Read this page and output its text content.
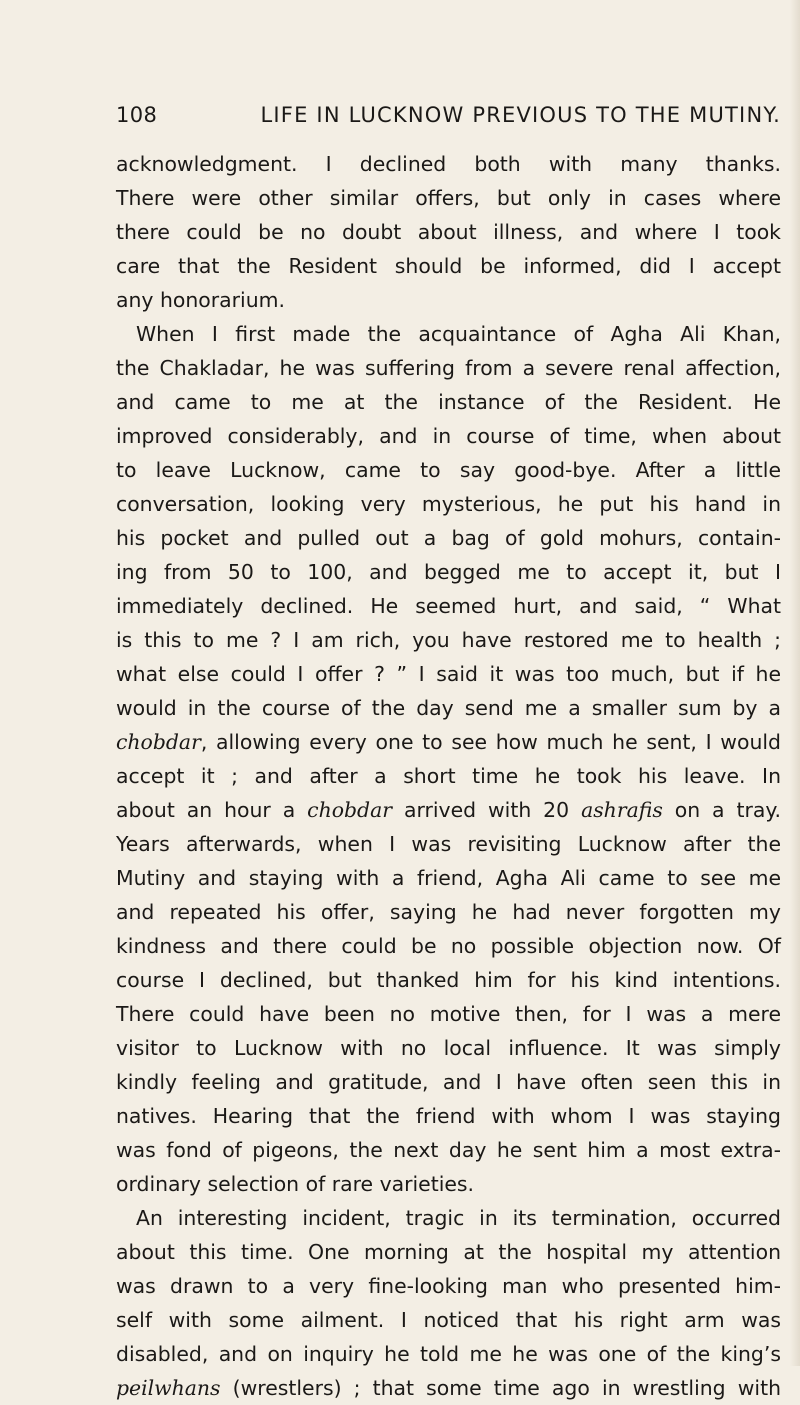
108	LIFE IN LUCKNOW PREVIOUS TO THE MUTINY.
acknowledgment. I declined both with many thanks.
There were other similar offers, but only in cases where
there could be no doubt about illness, and where I took
care that the Resident should be informed, did I accept
any honorarium.
When I first made the acquaintance of Agha Ali Khan,
the Chakladar, he was suffering from a severe renal affection,
and came to me at the instance of the Resident. He
improved considerably, and in course of time, when about
to leave Lucknow, came to say good-bye. After a little
conversation, looking very mysterious, he put his hand in
his pocket and pulled out a bag of gold mohurs, contain-
ing from 50 to 100, and begged me to accept it, but I
immediately declined. He seemed hurt, and said, “ What
is this to me ? I am rich, you have restored me to health ;
what else could I offer ? ” I said it was too much, but if he
would in the course of the day send me a smaller sum by a
chobdar, allowing every one to see how much he sent, I would
accept it ; and after a short time he took his leave. In
about an hour a chobdar arrived with 20 ashrafis on a tray.
Years afterwards, when I was revisiting Lucknow after the
Mutiny and staying with a friend, Agha Ali came to see me
and repeated his offer, saying he had never forgotten my
kindness and there could be no possible objection now. Of
course I declined, but thanked him for his kind intentions.
There could have been no motive then, for I was a mere
visitor to Lucknow with no local influence. It was simply
kindly feeling and gratitude, and I have often seen this in
natives. Hearing that the friend with whom I was staying
was fond of pigeons, the next day he sent him a most extra-
ordinary selection of rare varieties.
An interesting incident, tragic in its termination, occurred
about this time. One morning at the hospital my attention
was drawn to a very fine-looking man who presented him-
self with some ailment. I noticed that his right arm was
disabled, and on inquiry he told me he was one of the king’s
peilwhans (wrestlers) ; that some time ago in wrestling with
